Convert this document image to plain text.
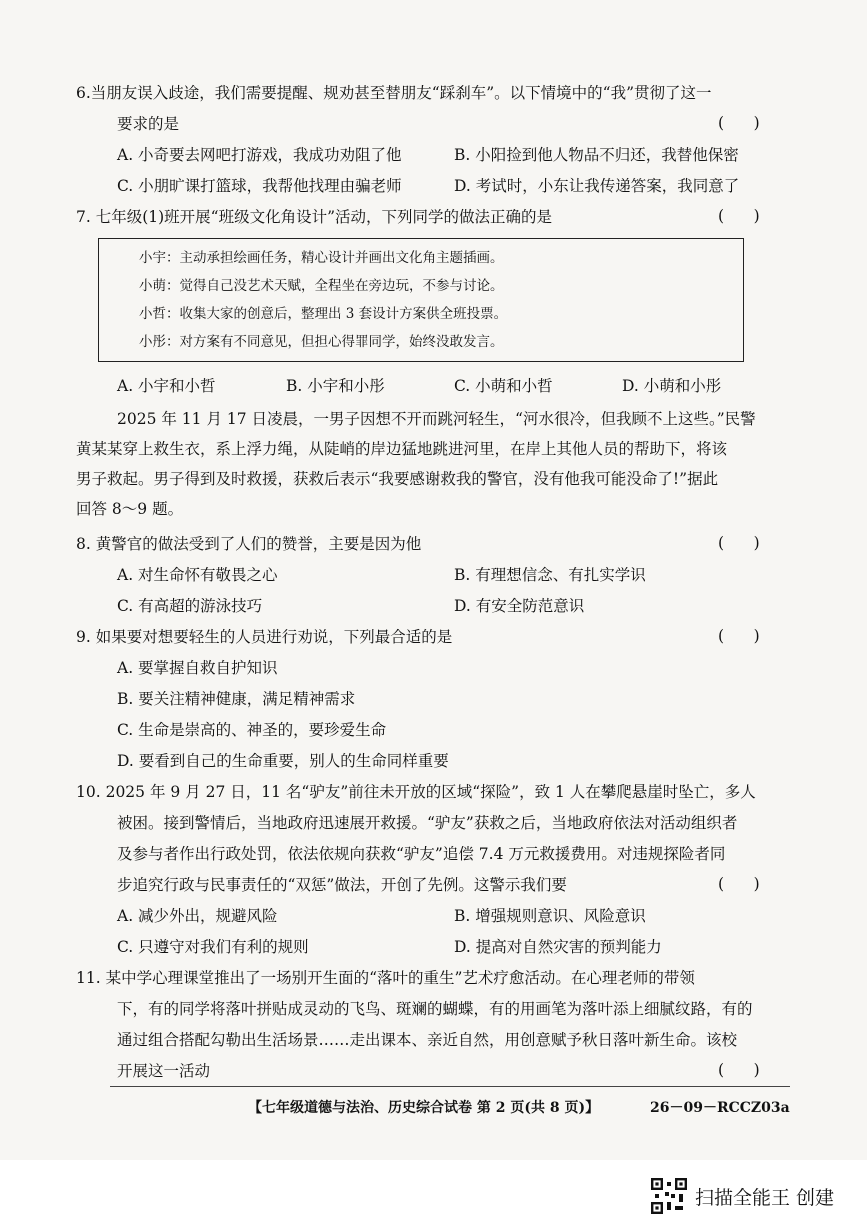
6.当朋友误入歧途，我们需要提醒、规劝甚至替朋友“踩刹车”。以下情境中的“我”贯彻了这一
要求的是	(      )
A. 小奇要去网吧打游戏，我成功劝阻了他	B. 小阳捡到他人物品不归还，我替他保密
C. 小朋旷课打篮球，我帮他找理由骗老师	D. 考试时，小东让我传递答案，我同意了
7. 七年级(1)班开展“班级文化角设计”活动，下列同学的做法正确的是	(      )
小宇：主动承担绘画任务，精心设计并画出文化角主题插画。
小萌：觉得自己没艺术天赋，全程坐在旁边玩，不参与讨论。
小哲：收集大家的创意后，整理出 3 套设计方案供全班投票。
小彤：对方案有不同意见，但担心得罪同学，始终没敢发言。
A. 小宇和小哲	B. 小宇和小彤	C. 小萌和小哲	D. 小萌和小彤
2025 年 11 月 17 日凌晨，一男子因想不开而跳河轻生，“河水很冷，但我顾不上这些。”民警
黄某某穿上救生衣，系上浮力绳，从陡峭的岸边猛地跳进河里，在岸上其他人员的帮助下，将该
男子救起。男子得到及时救援，获救后表示“我要感谢救我的警官，没有他我可能没命了!”据此
回答 8～9 题。
8. 黄警官的做法受到了人们的赞誉，主要是因为他	(      )
A. 对生命怀有敬畏之心	B. 有理想信念、有扎实学识
C. 有高超的游泳技巧	D. 有安全防范意识
9. 如果要对想要轻生的人员进行劝说，下列最合适的是	(      )
A. 要掌握自救自护知识
B. 要关注精神健康，满足精神需求
C. 生命是崇高的、神圣的，要珍爱生命
D. 要看到自己的生命重要，别人的生命同样重要
10. 2025 年 9 月 27 日，11 名“驴友”前往未开放的区域“探险”，致 1 人在攀爬悬崖时坠亡，多人
被困。接到警情后，当地政府迅速展开救援。“驴友”获救之后，当地政府依法对活动组织者
及参与者作出行政处罚，依法依规向获救“驴友”追偿 7.4 万元救援费用。对违规探险者同
步追究行政与民事责任的“双惩”做法，开创了先例。这警示我们要	(      )
A. 减少外出，规避风险	B. 增强规则意识、风险意识
C. 只遵守对我们有利的规则	D. 提高对自然灾害的预判能力
11. 某中学心理课堂推出了一场别开生面的“落叶的重生”艺术疗愈活动。在心理老师的带领
下，有的同学将落叶拼贴成灵动的飞鸟、斑斓的蝴蝶，有的用画笔为落叶添上细腻纹路，有的
通过组合搭配勾勒出生活场景……走出课本、亲近自然，用创意赋予秋日落叶新生命。该校
开展这一活动	(      )
【七年级道德与法治、历史综合试卷 第 2 页(共 8 页)】	26－09－RCCZ03a
扫描全能王 创建
